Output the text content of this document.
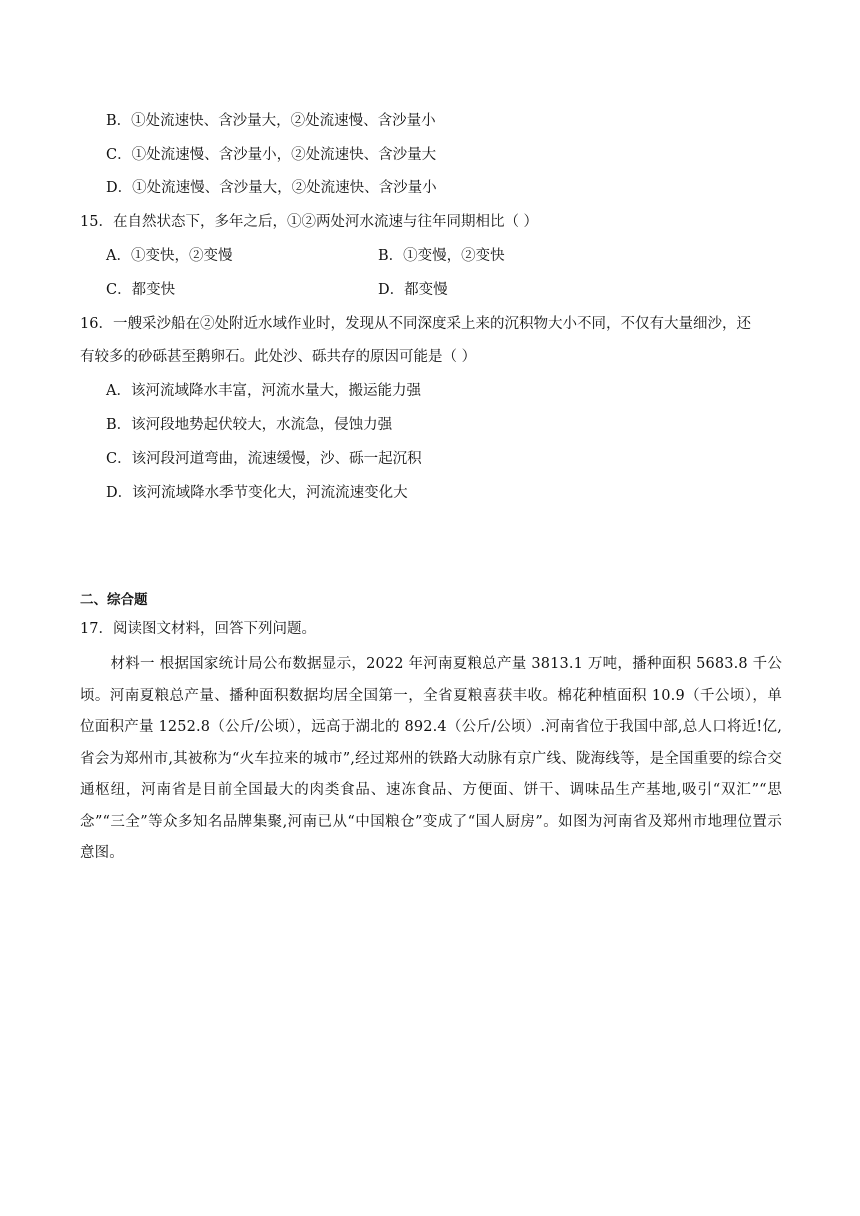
B．①处流速快、含沙量大，②处流速慢、含沙量小
C．①处流速慢、含沙量小，②处流速快、含沙量大
D．①处流速慢、含沙量大，②处流速快、含沙量小
15．在自然状态下，多年之后，①②两处河水流速与往年同期相比（ ）
A．①变快，②变慢	B．①变慢，②变快
C．都变快	D．都变慢
16．一艘采沙船在②处附近水域作业时，发现从不同深度采上来的沉积物大小不同，不仅有大量细沙，还
有较多的砂砾甚至鹅卵石。此处沙、砾共存的原因可能是（ ）
A．该河流域降水丰富，河流水量大，搬运能力强
B．该河段地势起伏较大，水流急，侵蚀力强
C．该河段河道弯曲，流速缓慢，沙、砾一起沉积
D．该河流域降水季节变化大，河流流速变化大
二、综合题
17．阅读图文材料，回答下列问题。
材料一 根据国家统计局公布数据显示，2022 年河南夏粮总产量 3813.1 万吨，播种面积 5683.8 千公顷。河南夏粮总产量、播种面积数据均居全国第一，全省夏粮喜获丰收。棉花种植面积 10.9（千公顷），单位面积产量 1252.8（公斤/公顷），远高于湖北的 892.4（公斤/公顷）.河南省位于我国中部,总人口将近!亿,省会为郑州市,其被称为“火车拉来的城市”,经过郑州的铁路大动脉有京广线、陇海线等，是全国重要的综合交通枢纽，河南省是目前全国最大的肉类食品、速冻食品、方便面、饼干、调味品生产基地,吸引“双汇”“思念”“三全”等众多知名品牌集聚,河南已从“中国粮仓”变成了“国人厨房”。如图为河南省及郑州市地理位置示意图。
